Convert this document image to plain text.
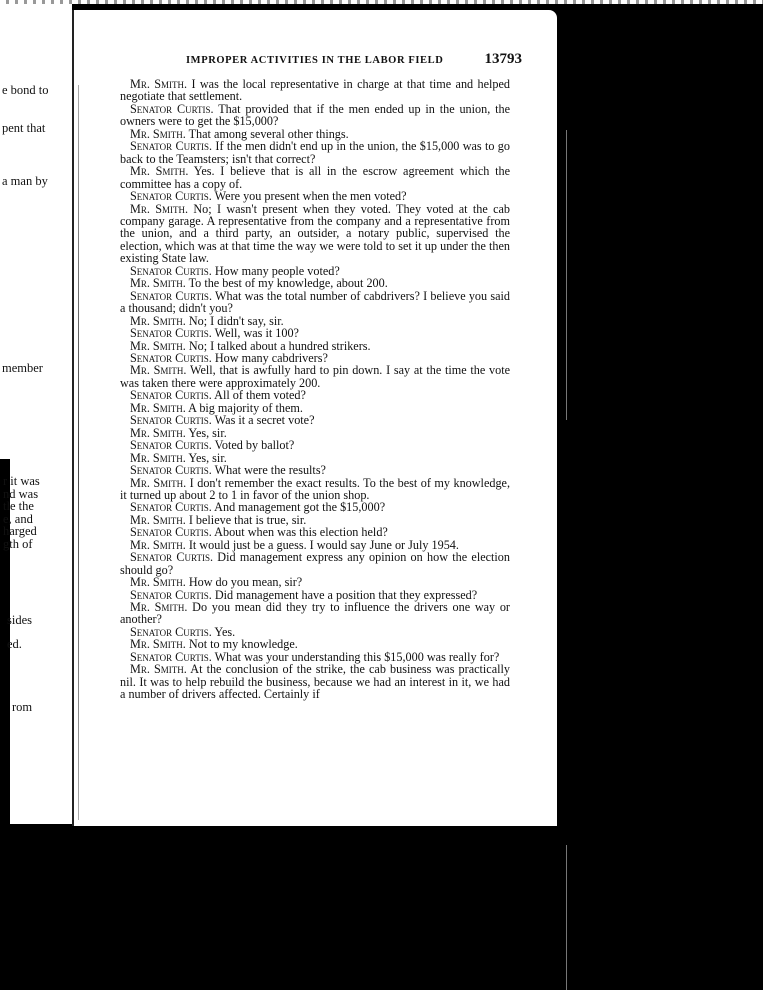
e bond to
pent that
a man by
member
r it was
nd was
tle the
e, and
harged
gth of
sides
ed.
rom
IMPROPER ACTIVITIES IN THE LABOR FIELD	13793

Mr. Smith. I was the local representative in charge at that time and helped negotiate that settlement.

Senator Curtis. That provided that if the men ended up in the union, the owners were to get the $15,000?

Mr. Smith. That among several other things.

Senator Curtis. If the men didn't end up in the union, the $15,000 was to go back to the Teamsters; isn't that correct?

Mr. Smith. Yes. I believe that is all in the escrow agreement which the committee has a copy of.

Senator Curtis. Were you present when the men voted?

Mr. Smith. No; I wasn't present when they voted. They voted at the cab company garage. A representative from the company and a representative from the union, and a third party, an outsider, a notary public, supervised the election, which was at that time the way we were told to set it up under the then existing State law.

Senator Curtis. How many people voted?

Mr. Smith. To the best of my knowledge, about 200.

Senator Curtis. What was the total number of cabdrivers? I believe you said a thousand; didn't you?

Mr. Smith. No; I didn't say, sir.

Senator Curtis. Well, was it 100?

Mr. Smith. No; I talked about a hundred strikers.

Senator Curtis. How many cabdrivers?

Mr. Smith. Well, that is awfully hard to pin down. I say at the time the vote was taken there were approximately 200.

Senator Curtis. All of them voted?

Mr. Smith. A big majority of them.

Senator Curtis. Was it a secret vote?

Mr. Smith. Yes, sir.

Senator Curtis. Voted by ballot?

Mr. Smith. Yes, sir.

Senator Curtis. What were the results?

Mr. Smith. I don't remember the exact results. To the best of my knowledge, it turned up about 2 to 1 in favor of the union shop.

Senator Curtis. And management got the $15,000?

Mr. Smith. I believe that is true, sir.

Senator Curtis. About when was this election held?

Mr. Smith. It would just be a guess. I would say June or July 1954.

Senator Curtis. Did management express any opinion on how the election should go?

Mr. Smith. How do you mean, sir?

Senator Curtis. Did management have a position that they expressed?

Mr. Smith. Do you mean did they try to influence the drivers one way or another?

Senator Curtis. Yes.

Mr. Smith. Not to my knowledge.

Senator Curtis. What was your understanding this $15,000 was really for?

Mr. Smith. At the conclusion of the strike, the cab business was practically nil. It was to help rebuild the business, because we had an interest in it, we had a number of drivers affected. Certainly if
